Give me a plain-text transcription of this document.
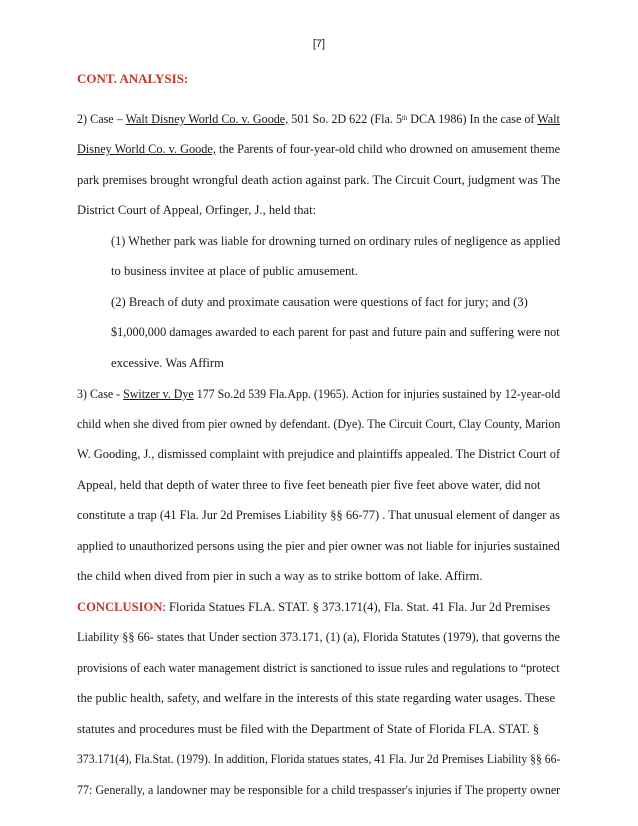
[7]
CONT. ANALYSIS:
2) Case – Walt Disney World Co. v. Goode, 501 So. 2D 622 (Fla. 5th DCA 1986) In the case of Walt
Disney World Co. v. Goode, the Parents of four-year-old child who drowned on amusement theme
park premises brought wrongful death action against park. The Circuit Court, judgment was The
District Court of Appeal, Orfinger, J., held that:
(1) Whether park was liable for drowning turned on ordinary rules of negligence as applied
to business invitee at place of public amusement.
(2) Breach of duty and proximate causation were questions of fact for jury; and (3)
$1,000,000 damages awarded to each parent for past and future pain and suffering were not
excessive. Was Affirm
3) Case - Switzer v. Dye 177 So.2d 539 Fla.App. (1965). Action for injuries sustained by 12-year-old
child when she dived from pier owned by defendant. (Dye). The Circuit Court, Clay County, Marion
W. Gooding, J., dismissed complaint with prejudice and plaintiffs appealed. The District Court of
Appeal, held that depth of water three to five feet beneath pier five feet above water, did not
constitute a trap (41 Fla. Jur 2d Premises Liability §§ 66-77) . That unusual element of danger as
applied to unauthorized persons using the pier and pier owner was not liable for injuries sustained
the child when dived from pier in such a way as to strike bottom of lake. Affirm.
CONCLUSION: Florida Statues FLA. STAT. § 373.171(4), Fla. Stat. 41 Fla. Jur 2d Premises
Liability §§ 66- states that Under section 373.171, (1) (a), Florida Statutes (1979), that governs the
provisions of each water management district is sanctioned to issue rules and regulations to “protect
the public health, safety, and welfare in the interests of this state regarding water usages. These
statutes and procedures must be filed with the Department of State of Florida FLA. STAT. §
373.171(4), Fla.Stat. (1979). In addition, Florida statues states, 41 Fla. Jur 2d Premises Liability §§ 66-
77: Generally, a landowner may be responsible for a child trespasser's injuries if The property owner
